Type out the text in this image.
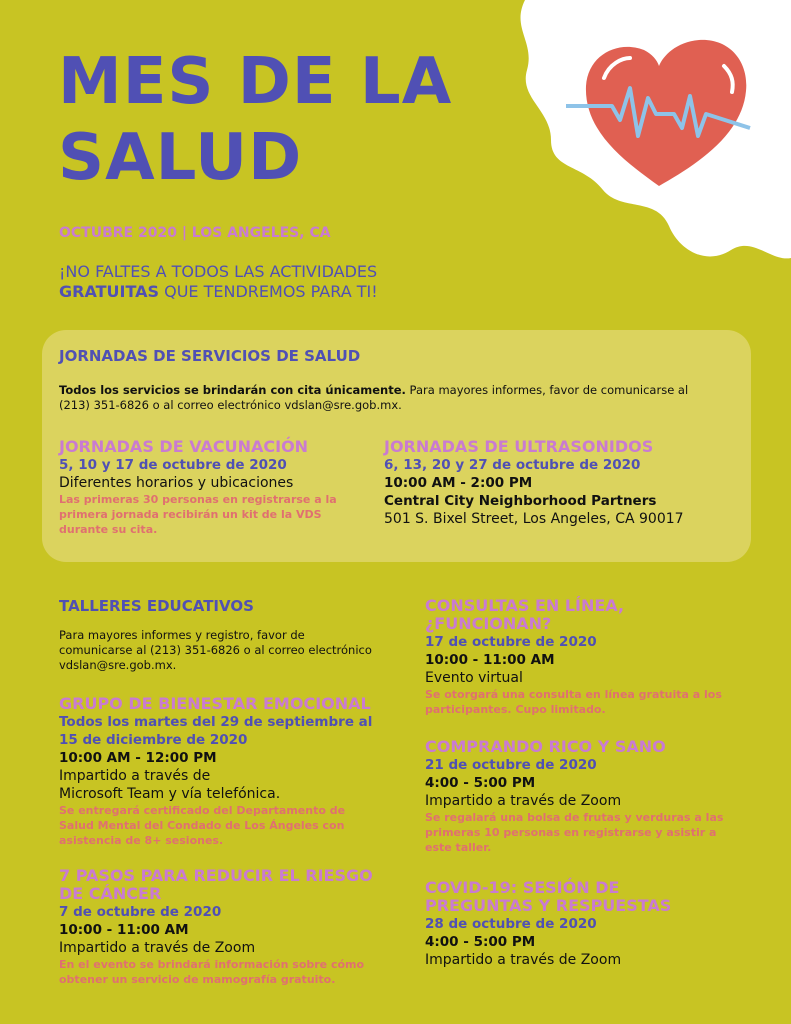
MES DE LA
SALUD
OCTUBRE 2020 | LOS ANGELES, CA
¡NO FALTES A TODOS LAS ACTIVIDADES
GRATUITAS QUE TENDREMOS PARA TI!
JORNADAS DE SERVICIOS DE SALUD
Todos los servicios se brindarán con cita únicamente. Para mayores informes, favor de comunicarse al
(213) 351-6826 o al correo electrónico vdslan@sre.gob.mx.
JORNADAS DE VACUNACIÓN
5, 10 y 17 de octubre de 2020
Diferentes horarios y ubicaciones
Las primeras 30 personas en registrarse a la
primera jornada recibirán un kit de la VDS
durante su cita.
JORNADAS DE ULTRASONIDOS
6, 13, 20 y 27 de octubre de 2020
10:00 AM - 2:00 PM
Central City Neighborhood Partners
501 S. Bixel Street, Los Angeles, CA 90017
TALLERES EDUCATIVOS
Para mayores informes y registro, favor de
comunicarse al (213) 351-6826 o al correo electrónico
vdslan@sre.gob.mx.
GRUPO DE BIENESTAR EMOCIONAL
Todos los martes del 29 de septiembre al
15 de diciembre de 2020
10:00 AM - 12:00 PM
Impartido a través de
Microsoft Team y vía telefónica.
Se entregará certificado del Departamento de
Salud Mental del Condado de Los Ángeles con
asistencia de 8+ sesiones.
7 PASOS PARA REDUCIR EL RIESGO
DE CÁNCER
7 de octubre de 2020
10:00 - 11:00 AM
Impartido a través de Zoom
En el evento se brindará información sobre cómo
obtener un servicio de mamografía gratuito.
CONSULTAS EN LÍNEA,
¿FUNCIONAN?
17 de octubre de 2020
10:00 - 11:00 AM
Evento virtual
Se otorgará una consulta en línea gratuita a los
participantes. Cupo limitado.
COMPRANDO RICO Y SANO
21 de octubre de 2020
4:00 - 5:00 PM
Impartido a través de Zoom
Se regalará una bolsa de frutas y verduras a las
primeras 10 personas en registrarse y asistir a
este taller.
COVID-19: SESIÓN DE
PREGUNTAS Y RESPUESTAS
28 de octubre de 2020
4:00 - 5:00 PM
Impartido a través de Zoom
